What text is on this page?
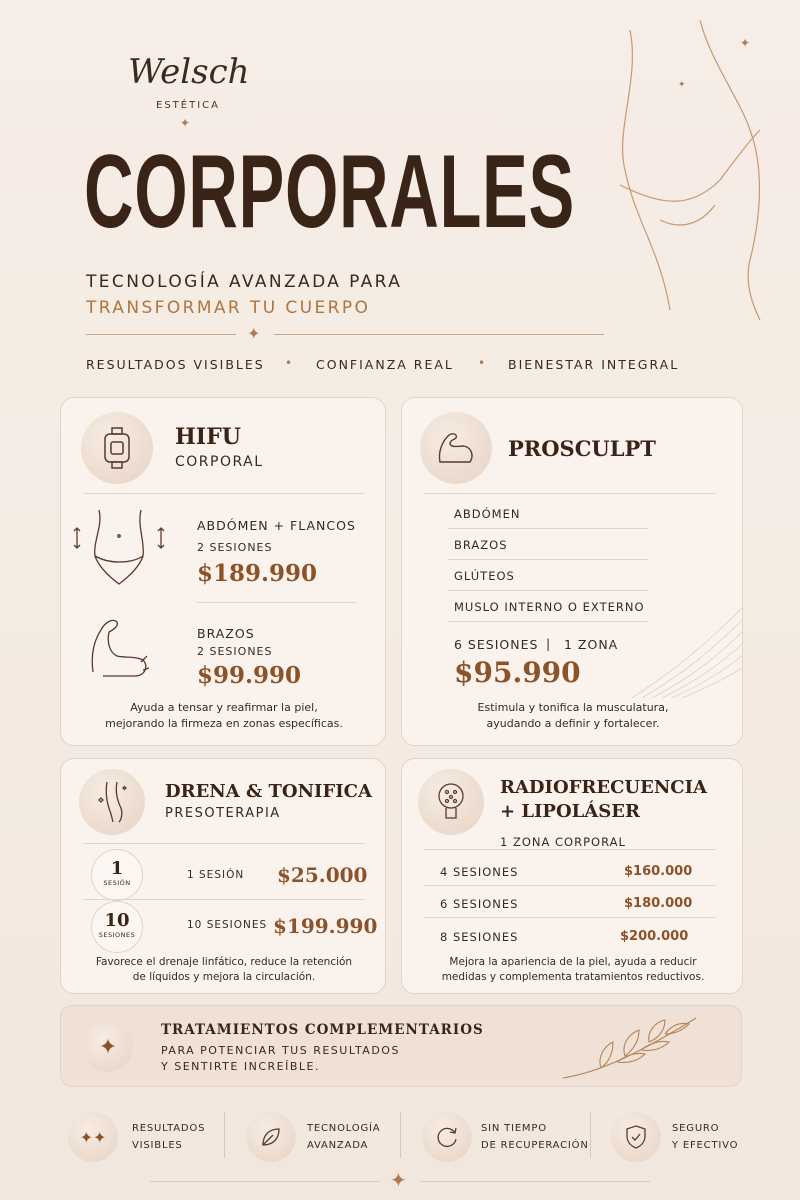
✦
✦
Welsch
ESTÉTICA
✦
CORPORALES
TECNOLOGÍA AVANZADA PARA
TRANSFORMAR TU CUERPO
✦
RESULTADOS VISIBLES • CONFIANZA REAL • BIENESTAR INTEGRAL
HIFU
CORPORAL
ABDÓMEN + FLANCOS
2 SESIONES
$189.990
BRAZOS
2 SESIONES
$99.990
Ayuda a tensar y reafirmar la piel,
mejorando la firmeza en zonas específicas.
PROSCULPT
ABDÓMEN
BRAZOS
GLÚTEOS
MUSLO INTERNO O EXTERNO
6 SESIONES | 1 ZONA
$95.990
Estimula y tonifica la musculatura,
ayudando a definir y fortalecer.
DRENA & TONIFICA
PRESOTERAPIA
1
SESIÓN
1 SESIÓN $25.000
10
SESIONES
10 SESIONES $199.990
Favorece el drenaje linfático, reduce la retención
de líquidos y mejora la circulación.
RADIOFRECUENCIA
+ LIPOLÁSER
1 ZONA CORPORAL
4 SESIONES	$160.000
6 SESIONES	$180.000
8 SESIONES	$200.000
Mejora la apariencia de la piel, ayuda a reducir
medidas y complementa tratamientos reductivos.
✦
TRATAMIENTOS COMPLEMENTARIOS
PARA POTENCIAR TUS RESULTADOS
Y SENTIRTE INCREÍBLE.
✦✦	RESULTADOS
VISIBLES
TECNOLOGÍA
AVANZADA
SIN TIEMPO
DE RECUPERACIÓN
SEGURO
Y EFECTIVO
✦
